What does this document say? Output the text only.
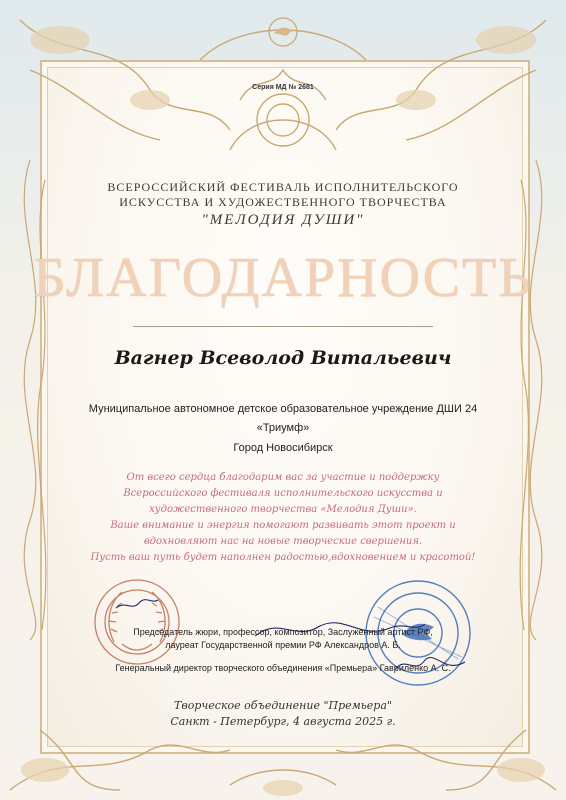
Серия МД № 2681
ВСЕРОССИЙСКИЙ ФЕСТИВАЛЬ ИСПОЛНИТЕЛЬСКОГО
ИСКУССТВА И ХУДОЖЕСТВЕННОГО ТВОРЧЕСТВА
"МЕЛОДИЯ ДУШИ"
БЛАГОДАРНОСТЬ
Вагнер Всеволод Витальевич
Муниципальное автономное детское образовательное учреждение ДШИ 24
«Триумф»
Город Новосибирск
От всего сердца благодарим вас за участие и поддержку
Всероссийского фестиваля исполнительского искусства и
художественного творчества «Мелодия Души».
Ваше внимание и энергия помогают развивать этот проект и
вдохновляют нас на новые творческие свершения.
Пусть ваш путь будет наполнен радостью,вдохновением и красотой!
Председатель жюри, профессор, композитор, Заслуженный артист РФ,
лауреат Государственной премии РФ Александров А. Б.
Генеральный директор творческого объединения «Премьера» Гавриленко А. С.
Творческое объединение "Премьера"
Санкт - Петербург, 4 августа 2025 г.
